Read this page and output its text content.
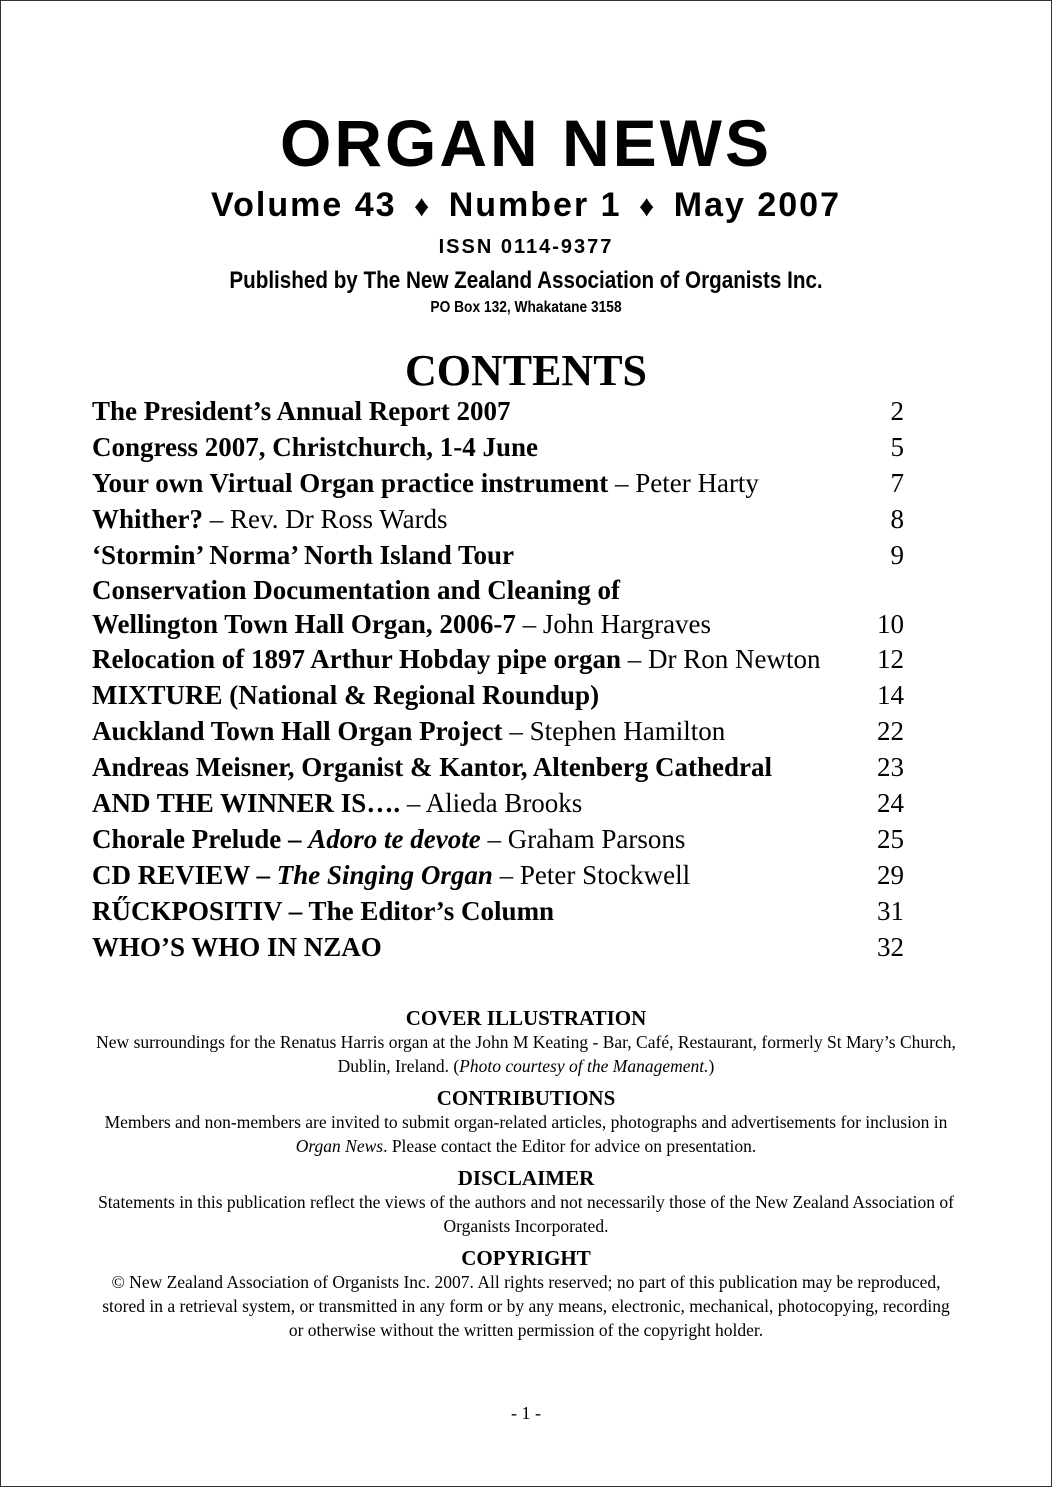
ORGAN NEWS
Volume 43 ♦ Number 1 ♦ May 2007
ISSN 0114-9377
Published by The New Zealand Association of Organists Inc.
PO Box 132, Whakatane 3158
CONTENTS
The President’s Annual Report 2007	2
Congress 2007, Christchurch, 1-4 June	5
Your own Virtual Organ practice instrument – Peter Harty	7
Whither? – Rev. Dr Ross Wards	8
‘Stormin’ Norma’ North Island Tour	9
Conservation Documentation and Cleaning of
Wellington Town Hall Organ, 2006-7 – John Hargraves	10
Relocation of 1897 Arthur Hobday pipe organ – Dr Ron Newton 12
MIXTURE (National & Regional Roundup)	14
Auckland Town Hall Organ Project – Stephen Hamilton	22
Andreas Meisner, Organist & Kantor, Altenberg Cathedral	23
AND THE WINNER IS…. – Alieda Brooks	24
Chorale Prelude – Adoro te devote – Graham Parsons	25
CD REVIEW – The Singing Organ – Peter Stockwell	29
RŰCKPOSITIV – The Editor’s Column	31
WHO’S WHO IN NZAO	32
COVER ILLUSTRATION
New surroundings for the Renatus Harris organ at the John M Keating - Bar, Café, Restaurant, formerly St Mary’s Church, Dublin, Ireland. (Photo courtesy of the Management.)
CONTRIBUTIONS
Members and non-members are invited to submit organ-related articles, photographs and advertisements for inclusion in Organ News. Please contact the Editor for advice on presentation.
DISCLAIMER
Statements in this publication reflect the views of the authors and not necessarily those of the New Zealand Association of Organists Incorporated.
COPYRIGHT
© New Zealand Association of Organists Inc. 2007. All rights reserved; no part of this publication may be reproduced, stored in a retrieval system, or transmitted in any form or by any means, electronic, mechanical, photocopying, recording or otherwise without the written permission of the copyright holder.
- 1 -
